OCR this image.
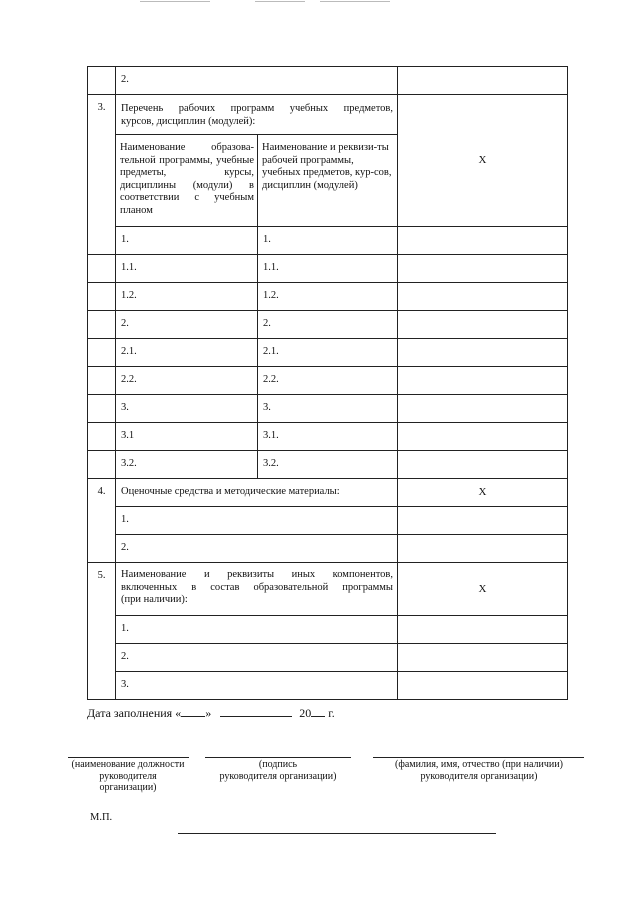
	2.		
3.	Перечень рабочих программ учебных предметов,
курсов, дисциплин (модулей):		Х
	Наименование образова-тельной программы, учебные предметы, курсы, дисциплины (модули) в соответствии с учебным планом	Наименование и реквизи-ты рабочей программы, учебных предметов, кур-сов, дисциплин (модулей)	
	1.	1.	
	1.1.	1.1.	
	1.2.	1.2.	
	2.	2.	
	2.1.	2.1.	
	2.2.	2.2.	
	3.	3.	
	3.1	3.1.	
	3.2.	3.2.	
4.	Оценочные средства и методические материалы:		Х
	1.		
	2.		
5.	Наименование и реквизиты иных компонентов,
включенных в состав образовательной программы
(при наличии):		Х
	1.		
	2.		
	3.		
Дата заполнения « »	20 г.
(наименование должности
руководителя
организации)
(подпись
руководителя организации)
(фамилия, имя, отчество (при наличии)
руководителя организации)
М.П.
